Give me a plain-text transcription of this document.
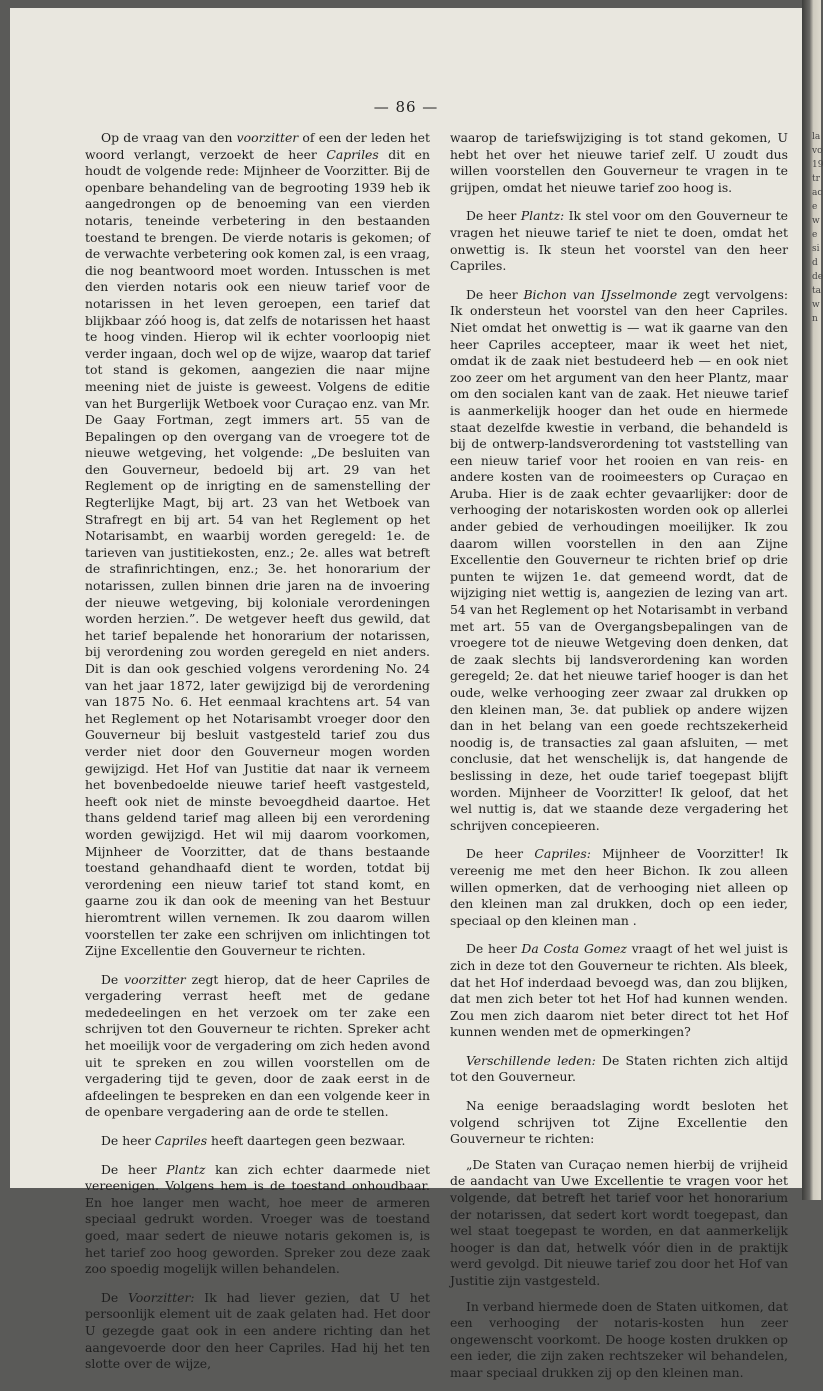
— 86 —

Op de vraag van den voorzitter of een der leden het woord verlangt, verzoekt de heer Capriles dit en houdt de volgende rede: Mijnheer de Voorzitter. Bij de openbare behandeling van de begrooting 1939 heb ik aangedrongen op de benoeming van een vierden notaris, teneinde verbetering in den bestaanden toestand te brengen. De vierde notaris is gekomen; of de verwachte verbetering ook komen zal, is een vraag, die nog beantwoord moet worden. Intusschen is met den vierden notaris ook een nieuw tarief voor de notarissen in het leven geroepen, een tarief dat blijkbaar zóó hoog is, dat zelfs de notarissen het haast te hoog vinden. Hierop wil ik echter voorloopig niet verder ingaan, doch wel op de wijze, waarop dat tarief tot stand is gekomen, aangezien die naar mijne meening niet de juiste is geweest. Volgens de editie van het Burgerlijk Wetboek voor Curaçao enz. van Mr. De Gaay Fortman, zegt immers art. 55 van de Bepalingen op den overgang van de vroegere tot de nieuwe wetgeving, het volgende: „De besluiten van den Gouverneur, bedoeld bij art. 29 van het Reglement op de inrigting en de samenstelling der Regterlijke Magt, bij art. 23 van het Wetboek van Strafregt en bij art. 54 van het Reglement op het Notarisambt, en waarbij worden geregeld: 1e. de tarieven van justitiekosten, enz.; 2e. alles wat betreft de strafinrichtingen, enz.; 3e. het honorarium der notarissen, zullen binnen drie jaren na de invoering der nieuwe wetgeving, bij koloniale verordeningen worden herzien.”. De wetgever heeft dus gewild, dat het tarief bepalende het honorarium der notarissen, bij verordening zou worden geregeld en niet anders. Dit is dan ook geschied volgens verordening No. 24 van het jaar 1872, later gewijzigd bij de verordening van 1875 No. 6. Het eenmaal krachtens art. 54 van het Reglement op het Notarisambt vroeger door den Gouverneur bij besluit vastgesteld tarief zou dus verder niet door den Gouverneur mogen worden gewijzigd. Het Hof van Justitie dat naar ik verneem het bovenbedoelde nieuwe tarief heeft vastgesteld, heeft ook niet de minste bevoegdheid daartoe. Het thans geldend tarief mag alleen bij een verordening worden gewijzigd. Het wil mij daarom voorkomen, Mijnheer de Voorzitter, dat de thans bestaande toestand gehandhaafd dient te worden, totdat bij verordening een nieuw tarief tot stand komt, en gaarne zou ik dan ook de meening van het Bestuur hieromtrent willen vernemen. Ik zou daarom willen voorstellen ter zake een schrijven om inlichtingen tot Zijne Excellentie den Gouverneur te richten.

De voorzitter zegt hierop, dat de heer Capriles de vergadering verrast heeft met de gedane mededeelingen en het verzoek om ter zake een schrijven tot den Gouverneur te richten. Spreker acht het moeilijk voor de vergadering om zich heden avond uit te spreken en zou willen voorstellen om de vergadering tijd te geven, door de zaak eerst in de afdeelingen te bespreken en dan een volgende keer in de openbare vergadering aan de orde te stellen.

De heer Capriles heeft daartegen geen bezwaar.

De heer Plantz kan zich echter daarmede niet vereenigen. Volgens hem is de toestand onhoudbaar. En hoe langer men wacht, hoe meer de armeren speciaal gedrukt worden. Vroeger was de toestand goed, maar sedert de nieuwe notaris gekomen is, is het tarief zoo hoog geworden. Spreker zou deze zaak zoo spoedig mogelijk willen behandelen.

De Voorzitter: Ik had liever gezien, dat U het persoonlijk element uit de zaak gelaten had. Het door U gezegde gaat ook in een andere richting dan het aangevoerde door den heer Capriles. Had hij het ten slotte over de wijze,

waarop de tariefswijziging is tot stand gekomen, U hebt het over het nieuwe tarief zelf. U zoudt dus willen voorstellen den Gouverneur te vragen in te grijpen, omdat het nieuwe tarief zoo hoog is.

De heer Plantz: Ik stel voor om den Gouverneur te vragen het nieuwe tarief te niet te doen, omdat het onwettig is. Ik steun het voorstel van den heer Capriles.

De heer Bichon van IJsselmonde zegt vervolgens: Ik ondersteun het voorstel van den heer Capriles. Niet omdat het onwettig is — wat ik gaarne van den heer Capriles accepteer, maar ik weet het niet, omdat ik de zaak niet bestudeerd heb — en ook niet zoo zeer om het argument van den heer Plantz, maar om den socialen kant van de zaak. Het nieuwe tarief is aanmerkelijk hooger dan het oude en hiermede staat dezelfde kwestie in verband, die behandeld is bij de ontwerp-landsverordening tot vaststelling van een nieuw tarief voor het rooien en van reis- en andere kosten van de rooimeesters op Curaçao en Aruba. Hier is de zaak echter gevaarlijker: door de verhooging der notariskosten worden ook op allerlei ander gebied de verhoudingen moeilijker. Ik zou daarom willen voorstellen in den aan Zijne Excellentie den Gouverneur te richten brief op drie punten te wijzen 1e. dat gemeend wordt, dat de wijziging niet wettig is, aangezien de lezing van art. 54 van het Reglement op het Notarisambt in verband met art. 55 van de Overgangsbepalingen van de vroegere tot de nieuwe Wetgeving doen denken, dat de zaak slechts bij landsverordening kan worden geregeld; 2e. dat het nieuwe tarief hooger is dan het oude, welke verhooging zeer zwaar zal drukken op den kleinen man, 3e. dat publiek op andere wijzen dan in het belang van een goede rechtszekerheid noodig is, de transacties zal gaan afsluiten, — met conclusie, dat het wenschelijk is, dat hangende de beslissing in deze, het oude tarief toegepast blijft worden. Mijnheer de Voorzitter! Ik geloof, dat het wel nuttig is, dat we staande deze vergadering het schrijven concepieeren.

De heer Capriles: Mijnheer de Voorzitter! Ik vereenig me met den heer Bichon. Ik zou alleen willen opmerken, dat de verhooging niet alleen op den kleinen man zal drukken, doch op een ieder, speciaal op den kleinen man .

De heer Da Costa Gomez vraagt of het wel juist is zich in deze tot den Gouverneur te richten. Als bleek, dat het Hof inderdaad bevoegd was, dan zou blijken, dat men zich beter tot het Hof had kunnen wenden. Zou men zich daarom niet beter direct tot het Hof kunnen wenden met de opmerkingen?

Verschillende leden: De Staten richten zich altijd tot den Gouverneur.

Na eenige beraadslaging wordt besloten het volgend schrijven tot Zijne Excellentie den Gouverneur te richten:

„De Staten van Curaçao nemen hierbij de vrijheid de aandacht van Uwe Excellentie te vragen voor het volgende, dat betreft het tarief voor het honorarium der notarissen, dat sedert kort wordt toegepast, dan wel staat toegepast te worden, en dat aanmerkelijk hooger is dan dat, hetwelk vóór dien in de praktijk werd gevolgd. Dit nieuwe tarief zou door het Hof van Justitie zijn vastgesteld.

In verband hiermede doen de Staten uitkomen, dat een verhooging der notaris-kosten hun zeer ongewenscht voorkomt. De hooge kosten drukken op een ieder, die zijn zaken rechtszeker wil behandelen, maar speciaal drukken zij op den kleinen man.

la vo 19 tr ac e w e si d de ta w n
